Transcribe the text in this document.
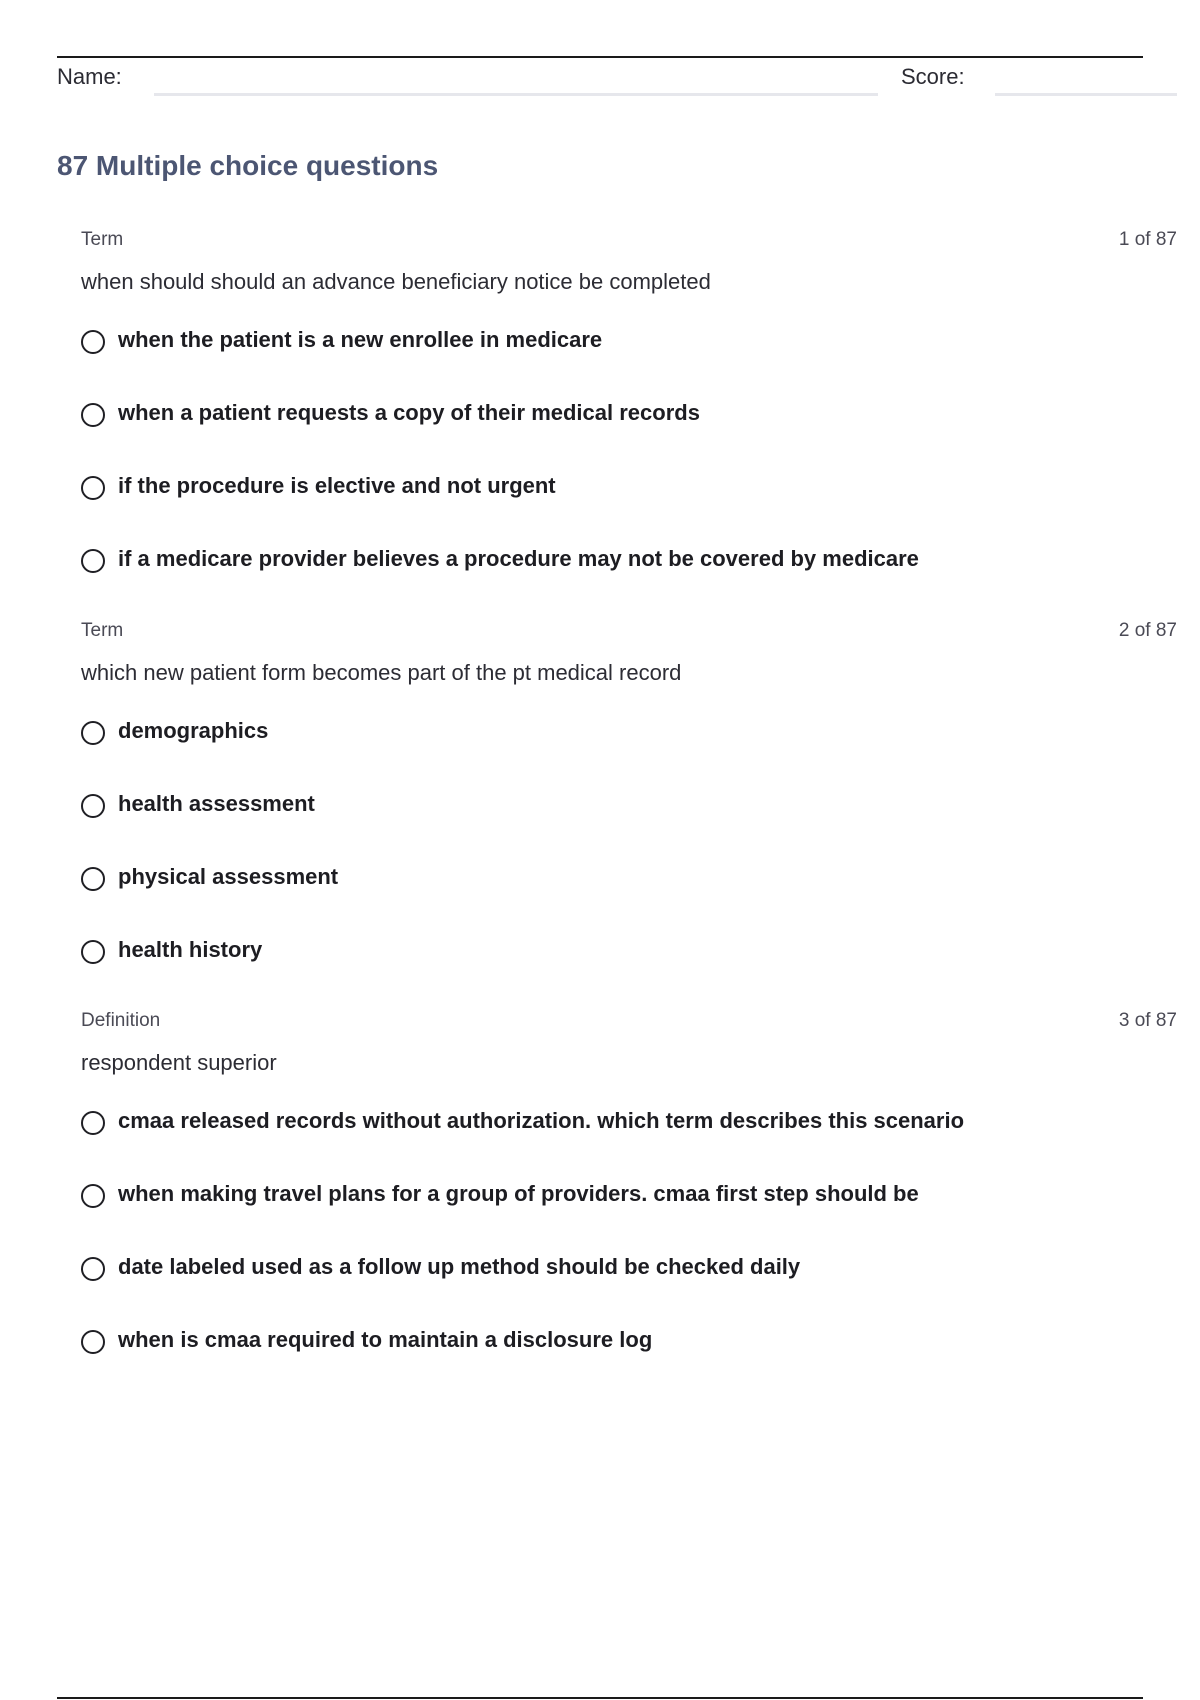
Name:	Score:
87 Multiple choice questions
Term	1 of 87
when should should an advance beneficiary notice be completed
when the patient is a new enrollee in medicare
when a patient requests a copy of their medical records
if the procedure is elective and not urgent
if a medicare provider believes a procedure may not be covered by medicare
Term	2 of 87
which new patient form becomes part of the pt medical record
demographics
health assessment
physical assessment
health history
Definition	3 of 87
respondent superior
cmaa released records without authorization. which term describes this scenario
when making travel plans for a group of providers. cmaa first step should be
date labeled used as a follow up method should be checked daily
when is cmaa required to maintain a disclosure log
